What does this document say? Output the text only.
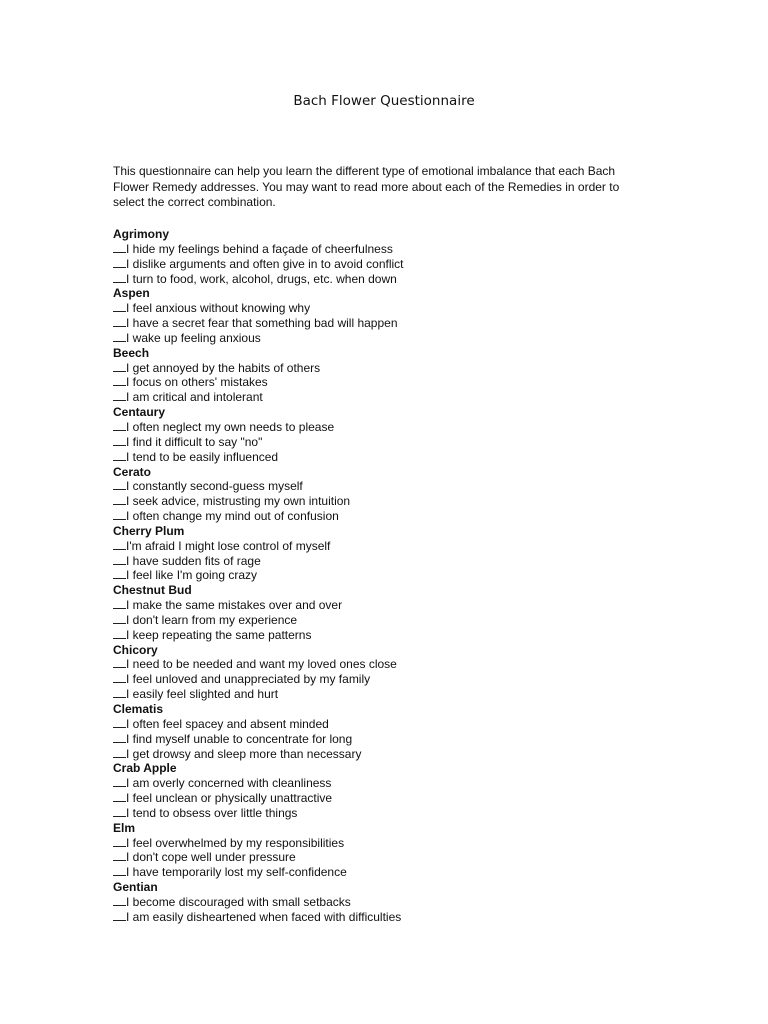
Bach Flower Questionnaire

This questionnaire can help you learn the different type of emotional imbalance that each Bach Flower Remedy addresses. You may want to read more about each of the Remedies in order to select the correct combination.

Agrimony
I hide my feelings behind a façade of cheerfulness
I dislike arguments and often give in to avoid conflict
I turn to food, work, alcohol, drugs, etc. when down
Aspen
I feel anxious without knowing why
I have a secret fear that something bad will happen
I wake up feeling anxious
Beech
I get annoyed by the habits of others
I focus on others' mistakes
I am critical and intolerant
Centaury
I often neglect my own needs to please
I find it difficult to say "no"
I tend to be easily influenced
Cerato
I constantly second-guess myself
I seek advice, mistrusting my own intuition
I often change my mind out of confusion
Cherry Plum
I'm afraid I might lose control of myself
I have sudden fits of rage
I feel like I'm going crazy
Chestnut Bud
I make the same mistakes over and over
I don't learn from my experience
I keep repeating the same patterns
Chicory
I need to be needed and want my loved ones close
I feel unloved and unappreciated by my family
I easily feel slighted and hurt
Clematis
I often feel spacey and absent minded
I find myself unable to concentrate for long
I get drowsy and sleep more than necessary
Crab Apple
I am overly concerned with cleanliness
I feel unclean or physically unattractive
I tend to obsess over little things
Elm
I feel overwhelmed by my responsibilities
I don't cope well under pressure
I have temporarily lost my self-confidence
Gentian
I become discouraged with small setbacks
I am easily disheartened when faced with difficulties
